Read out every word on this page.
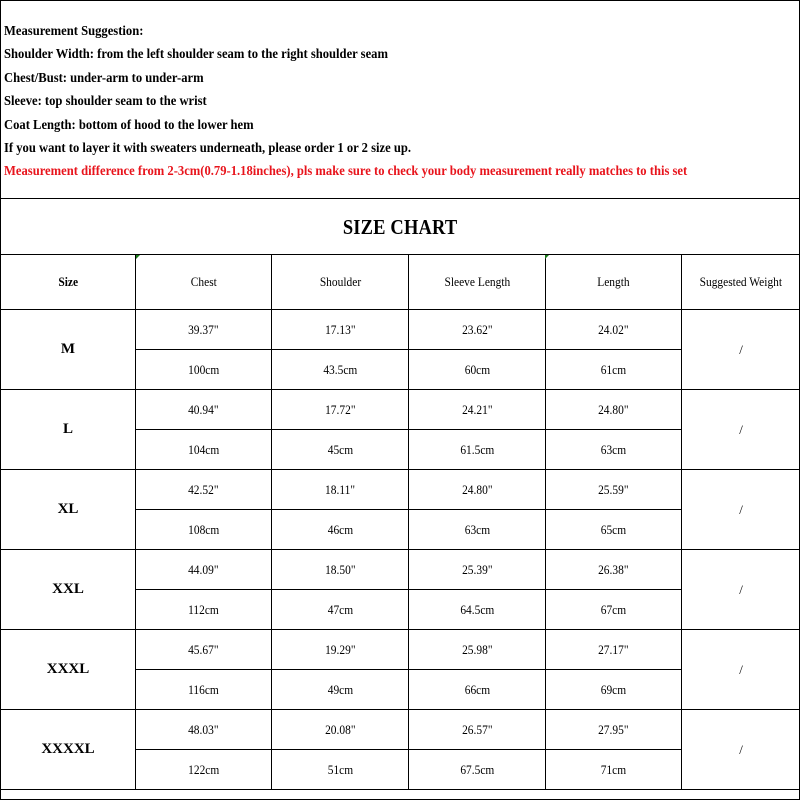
Measurement Suggestion:
Shoulder Width: from the left shoulder seam to the right shoulder seam
Chest/Bust: under-arm to under-arm
Sleeve: top shoulder seam to the wrist
Coat Length: bottom of hood to the lower hem
If you want to layer it with sweaters underneath, please order 1 or 2 size up.
Measurement difference from 2-3cm(0.79-1.18inches), pls make sure to check your body measurement really matches to this set
SIZE CHART
Size	Chest	Shoulder	Sleeve Length	Length	Suggested Weight
M	39.37"	17.13"	23.62"	24.02"	/
	100cm	43.5cm	60cm	61cm	
L	40.94"	17.72"	24.21"	24.80"	/
	104cm	45cm	61.5cm	63cm	
XL	42.52"	18.11"	24.80"	25.59"	/
	108cm	46cm	63cm	65cm	
XXL	44.09"	18.50"	25.39"	26.38"	/
	112cm	47cm	64.5cm	67cm	
XXXL	45.67"	19.29"	25.98"	27.17"	/
	116cm	49cm	66cm	69cm	
XXXXL	48.03"	20.08"	26.57"	27.95"	/
	122cm	51cm	67.5cm	71cm	
